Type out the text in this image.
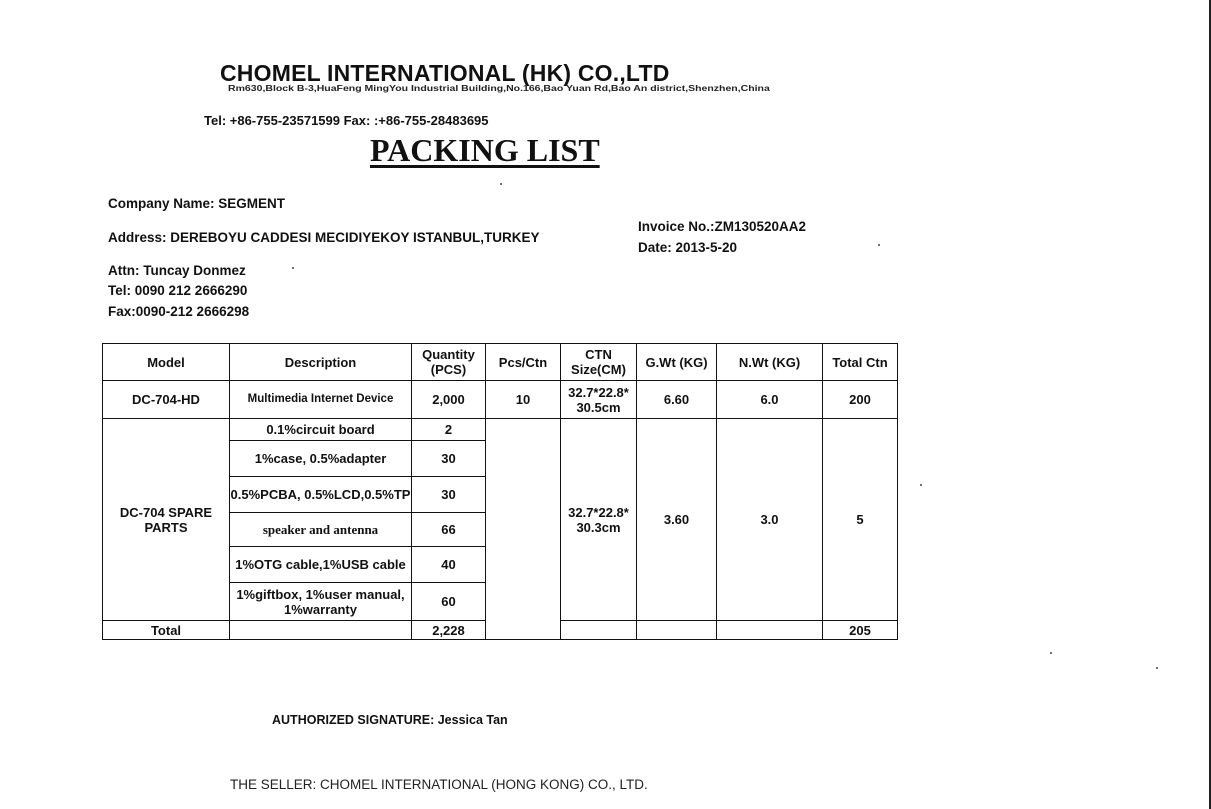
CHOMEL INTERNATIONAL (HK) CO.,LTD
Rm630,Block B-3,HuaFeng MingYou Industrial Building,No.166,Bao Yuan Rd,Bao An district,Shenzhen,China
Tel: +86-755-23571599 Fax: :+86-755-28483695
PACKING LIST
Company Name: SEGMENT
Address: DEREBOYU CADDESI MECIDIYEKOY ISTANBUL,TURKEY
Attn: Tuncay Donmez
Tel: 0090 212 2666290
Fax:0090-212 2666298
Invoice No.:ZM130520AA2
Date: 2013-5-20
Model	Description	Quantity (PCS)	Pcs/Ctn	CTN Size(CM)	G.Wt (KG)	N.Wt (KG)	Total Ctn
DC-704-HD	Multimedia Internet Device	2,000	10	32.7*22.8* 30.5cm	6.60	6.0	200
DC-704 SPARE PARTS	0.1%circuit board	2		32.7*22.8* 30.3cm	3.60	3.0	5
	1%case, 0.5%adapter	30					
	0.5%PCBA, 0.5%LCD,0.5%TP	30					
	speaker and antenna	66					
	1%OTG cable,1%USB cable	40					
	1%giftbox, 1%user manual, 1%warranty	60					
Total		2,228					205
AUTHORIZED SIGNATURE: Jessica Tan
THE SELLER: CHOMEL INTERNATIONAL (HONG KONG) CO., LTD.
